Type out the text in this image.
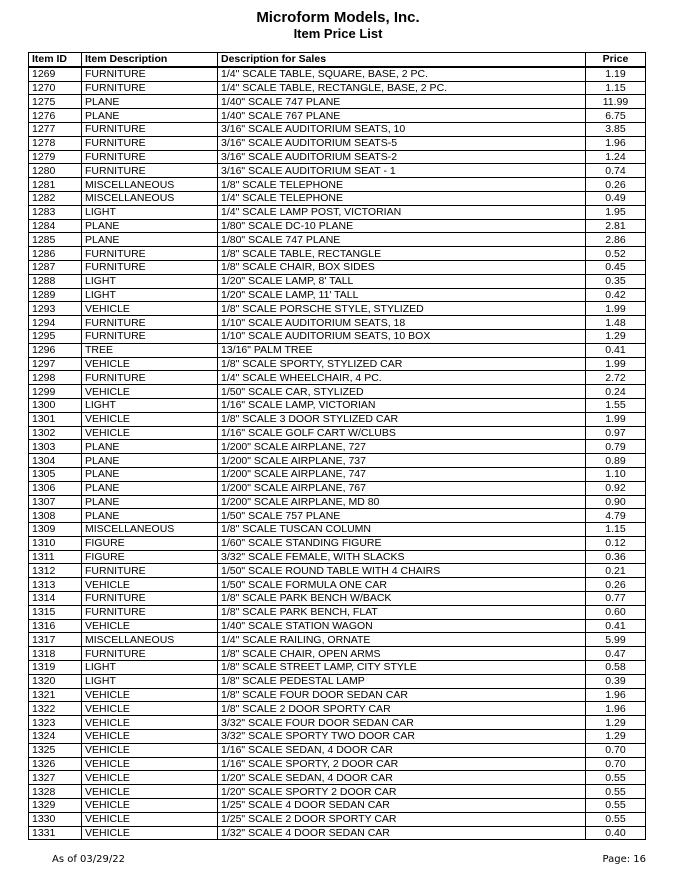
Microform Models, Inc.
Item Price List
Item ID	Item Description	Description for Sales	Price
1269	FURNITURE	1/4" SCALE TABLE, SQUARE, BASE, 2 PC.	1.19
1270	FURNITURE	1/4" SCALE TABLE, RECTANGLE, BASE, 2 PC.	1.15
1275	PLANE	1/40" SCALE 747 PLANE	11.99
1276	PLANE	1/40" SCALE 767 PLANE	6.75
1277	FURNITURE	3/16" SCALE AUDITORIUM SEATS, 10	3.85
1278	FURNITURE	3/16" SCALE AUDITORIUM SEATS-5	1.96
1279	FURNITURE	3/16" SCALE AUDITORIUM SEATS-2	1.24
1280	FURNITURE	3/16" SCALE AUDITORIUM SEAT - 1	0.74
1281	MISCELLANEOUS	1/8" SCALE TELEPHONE	0.26
1282	MISCELLANEOUS	1/4" SCALE TELEPHONE	0.49
1283	LIGHT	1/4" SCALE LAMP POST, VICTORIAN	1.95
1284	PLANE	1/80" SCALE DC-10 PLANE	2.81
1285	PLANE	1/80" SCALE 747 PLANE	2.86
1286	FURNITURE	1/8" SCALE TABLE, RECTANGLE	0.52
1287	FURNITURE	1/8" SCALE CHAIR, BOX SIDES	0.45
1288	LIGHT	1/20" SCALE LAMP, 8' TALL	0.35
1289	LIGHT	1/20" SCALE LAMP, 11' TALL	0.42
1293	VEHICLE	1/8" SCALE PORSCHE STYLE, STYLIZED	1.99
1294	FURNITURE	1/10" SCALE AUDITORIUM SEATS, 18	1.48
1295	FURNITURE	1/10" SCALE AUDITORIUM SEATS, 10 BOX	1.29
1296	TREE	13/16" PALM TREE	0.41
1297	VEHICLE	1/8" SCALE SPORTY, STYLIZED CAR	1.99
1298	FURNITURE	1/4" SCALE WHEELCHAIR, 4 PC.	2.72
1299	VEHICLE	1/50" SCALE CAR, STYLIZED	0.24
1300	LIGHT	1/16" SCALE LAMP, VICTORIAN	1.55
1301	VEHICLE	1/8" SCALE 3 DOOR STYLIZED CAR	1.99
1302	VEHICLE	1/16" SCALE GOLF CART W/CLUBS	0.97
1303	PLANE	1/200" SCALE AIRPLANE, 727	0.79
1304	PLANE	1/200" SCALE AIRPLANE, 737	0.89
1305	PLANE	1/200" SCALE AIRPLANE, 747	1.10
1306	PLANE	1/200" SCALE AIRPLANE, 767	0.92
1307	PLANE	1/200" SCALE AIRPLANE, MD 80	0.90
1308	PLANE	1/50" SCALE 757 PLANE	4.79
1309	MISCELLANEOUS	1/8" SCALE TUSCAN COLUMN	1.15
1310	FIGURE	1/60" SCALE STANDING FIGURE	0.12
1311	FIGURE	3/32" SCALE FEMALE, WITH SLACKS	0.36
1312	FURNITURE	1/50" SCALE ROUND TABLE WITH 4 CHAIRS	0.21
1313	VEHICLE	1/50" SCALE FORMULA ONE CAR	0.26
1314	FURNITURE	1/8" SCALE PARK BENCH W/BACK	0.77
1315	FURNITURE	1/8" SCALE PARK BENCH, FLAT	0.60
1316	VEHICLE	1/40" SCALE STATION WAGON	0.41
1317	MISCELLANEOUS	1/4" SCALE RAILING, ORNATE	5.99
1318	FURNITURE	1/8" SCALE CHAIR, OPEN ARMS	0.47
1319	LIGHT	1/8" SCALE STREET LAMP, CITY STYLE	0.58
1320	LIGHT	1/8" SCALE PEDESTAL LAMP	0.39
1321	VEHICLE	1/8" SCALE FOUR DOOR SEDAN CAR	1.96
1322	VEHICLE	1/8" SCALE 2 DOOR SPORTY CAR	1.96
1323	VEHICLE	3/32" SCALE FOUR DOOR SEDAN CAR	1.29
1324	VEHICLE	3/32" SCALE SPORTY TWO DOOR CAR	1.29
1325	VEHICLE	1/16" SCALE SEDAN, 4 DOOR CAR	0.70
1326	VEHICLE	1/16" SCALE SPORTY, 2 DOOR CAR	0.70
1327	VEHICLE	1/20" SCALE SEDAN, 4 DOOR CAR	0.55
1328	VEHICLE	1/20" SCALE SPORTY 2 DOOR CAR	0.55
1329	VEHICLE	1/25" SCALE 4 DOOR SEDAN CAR	0.55
1330	VEHICLE	1/25" SCALE 2 DOOR SPORTY CAR	0.55
1331	VEHICLE	1/32" SCALE 4 DOOR SEDAN CAR	0.40
As of 03/29/22	Page: 16
